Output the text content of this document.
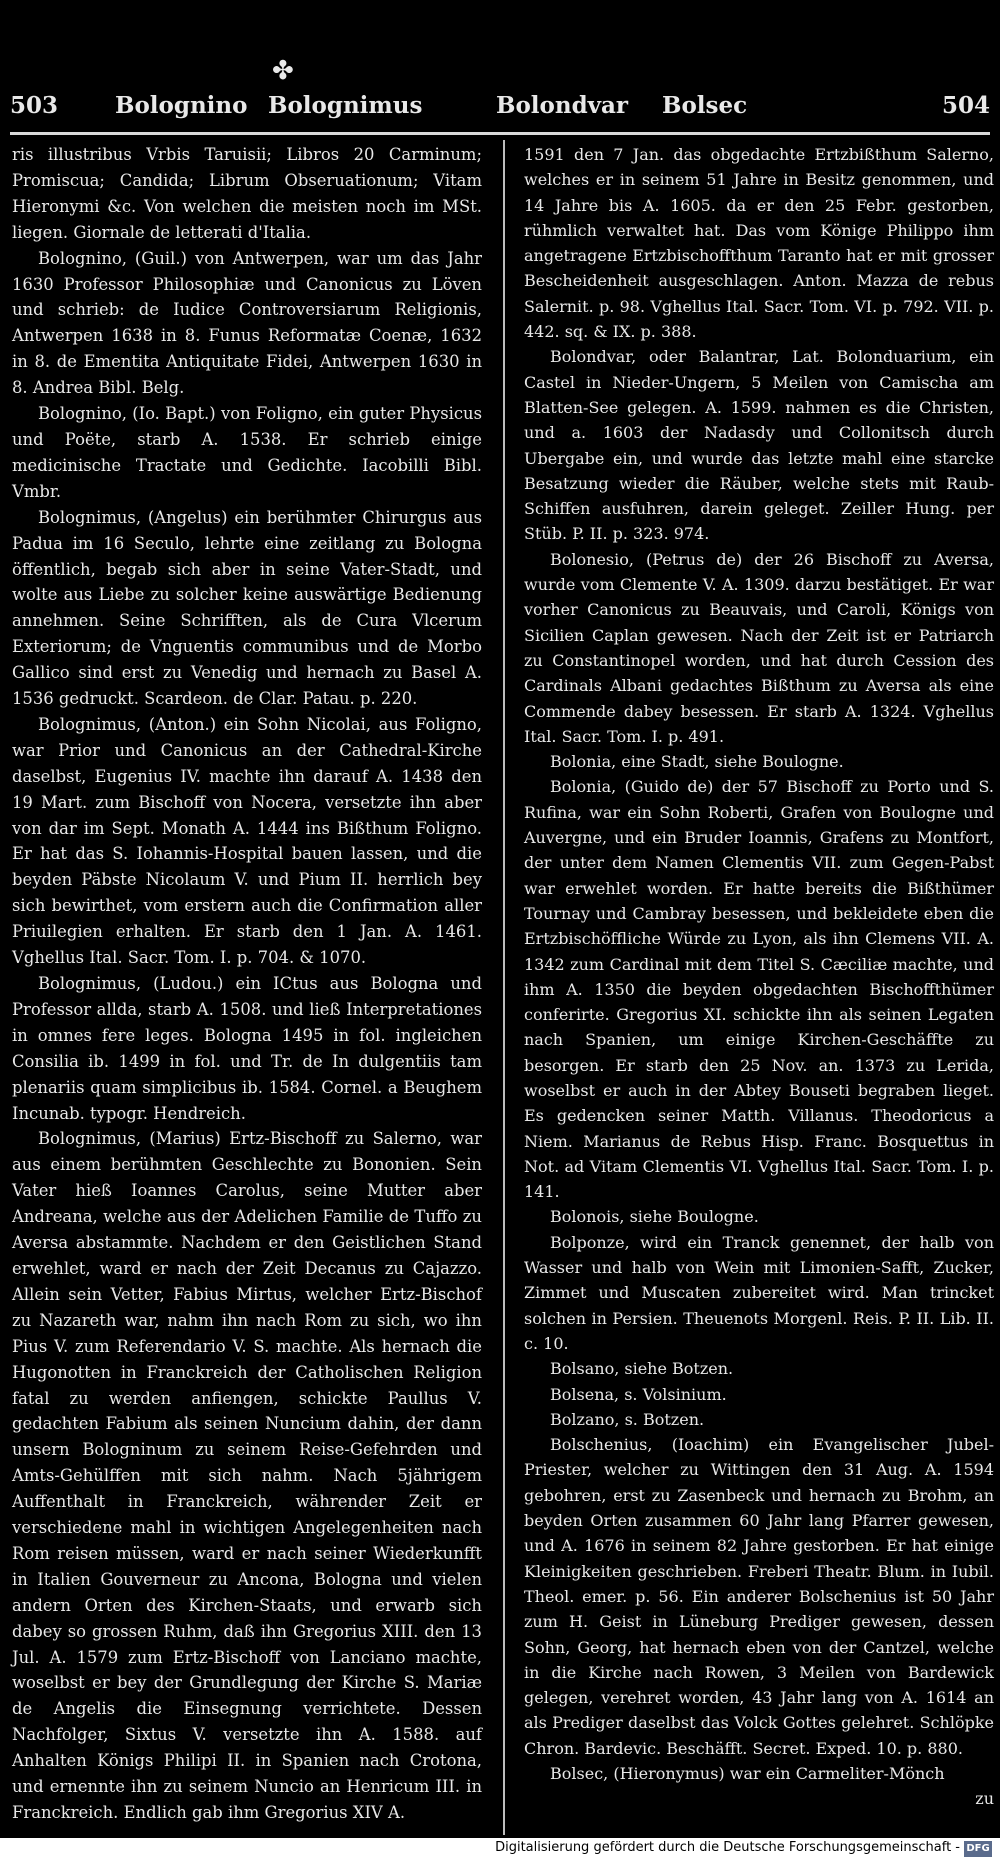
✤
503 Bolognino Bolognimus	Bolondvar Bolsec	504

ris illustribus Vrbis Taruisii; Libros 20 Carminum; Promiscua; Candida; Librum Obseruationum; Vitam Hieronymi &c. Von welchen die meisten noch im MSt. liegen. Giornale de letterati d'Italia.

Bolognino, (Guil.) von Antwerpen, war um das Jahr 1630 Professor Philosophiæ und Canonicus zu Löven und schrieb: de Iudice Controversiarum Religionis, Antwerpen 1638 in 8. Funus Reformatæ Coenæ, 1632 in 8. de Ementita Antiquitate Fidei, Antwerpen 1630 in 8. Andrea Bibl. Belg.

Bolognino, (Io. Bapt.) von Foligno, ein guter Physicus und Poëte, starb A. 1538. Er schrieb einige medicinische Tractate und Gedichte. Iacobilli Bibl. Vmbr.

Bolognimus, (Angelus) ein berühmter Chirurgus aus Padua im 16 Seculo, lehrte eine zeitlang zu Bologna öffentlich, begab sich aber in seine Vater-Stadt, und wolte aus Liebe zu solcher keine auswärtige Bedienung annehmen. Seine Schrifften, als de Cura Vlcerum Exteriorum; de Vnguentis communibus und de Morbo Gallico sind erst zu Venedig und hernach zu Basel A. 1536 gedruckt. Scardeon. de Clar. Patau. p. 220.

Bolognimus, (Anton.) ein Sohn Nicolai, aus Foligno, war Prior und Canonicus an der Cathedral-Kirche daselbst, Eugenius IV. machte ihn darauf A. 1438 den 19 Mart. zum Bischoff von Nocera, versetzte ihn aber von dar im Sept. Monath A. 1444 ins Bißthum Foligno. Er hat das S. Iohannis-Hospital bauen lassen, und die beyden Päbste Nicolaum V. und Pium II. herrlich bey sich bewirthet, vom erstern auch die Confirmation aller Priuilegien erhalten. Er starb den 1 Jan. A. 1461. Vghellus Ital. Sacr. Tom. I. p. 704. & 1070.

Bolognimus, (Ludou.) ein ICtus aus Bologna und Professor allda, starb A. 1508. und ließ Interpretationes in omnes fere leges. Bologna 1495 in fol. ingleichen Consilia ib. 1499 in fol. und Tr. de In dulgentiis tam plenariis quam simplicibus ib. 1584. Cornel. a Beughem Incunab. typogr. Hendreich.

Bolognimus, (Marius) Ertz-Bischoff zu Salerno, war aus einem berühmten Geschlechte zu Bononien. Sein Vater hieß Ioannes Carolus, seine Mutter aber Andreana, welche aus der Adelichen Familie de Tuffo zu Aversa abstammte. Nachdem er den Geistlichen Stand erwehlet, ward er nach der Zeit Decanus zu Cajazzo. Allein sein Vetter, Fabius Mirtus, welcher Ertz-Bischof zu Nazareth war, nahm ihn nach Rom zu sich, wo ihn Pius V. zum Referendario V. S. machte. Als hernach die Hugonotten in Franckreich der Catholischen Religion fatal zu werden anfiengen, schickte Paullus V. gedachten Fabium als seinen Nuncium dahin, der dann unsern Bologninum zu seinem Reise-Gefehrden und Amts-Gehülffen mit sich nahm. Nach 5jährigem Auffenthalt in Franckreich, währender Zeit er verschiedene mahl in wichtigen Angelegenheiten nach Rom reisen müssen, ward er nach seiner Wiederkunfft in Italien Gouverneur zu Ancona, Bologna und vielen andern Orten des Kirchen-Staats, und erwarb sich dabey so grossen Ruhm, daß ihn Gregorius XIII. den 13 Jul. A. 1579 zum Ertz-Bischoff von Lanciano machte, woselbst er bey der Grundlegung der Kirche S. Mariæ de Angelis die Einsegnung verrichtete. Dessen Nachfolger, Sixtus V. versetzte ihn A. 1588. auf Anhalten Königs Philipi II. in Spanien nach Crotona, und ernennte ihn zu seinem Nuncio an Henricum III. in Franckreich. Endlich gab ihm Gregorius XIV A.

1591 den 7 Jan. das obgedachte Ertzbißthum Salerno, welches er in seinem 51 Jahre in Besitz genommen, und 14 Jahre bis A. 1605. da er den 25 Febr. gestorben, rühmlich verwaltet hat. Das vom Könige Philippo ihm angetragene Ertzbischoffthum Taranto hat er mit grosser Bescheidenheit ausgeschlagen. Anton. Mazza de rebus Salernit. p. 98. Vghellus Ital. Sacr. Tom. VI. p. 792. VII. p. 442. sq. & IX. p. 388.

Bolondvar, oder Balantrar, Lat. Bolonduarium, ein Castel in Nieder-Ungern, 5 Meilen von Camischa am Blatten-See gelegen. A. 1599. nahmen es die Christen, und a. 1603 der Nadasdy und Collonitsch durch Ubergabe ein, und wurde das letzte mahl eine starcke Besatzung wieder die Räuber, welche stets mit Raub-Schiffen ausfuhren, darein geleget. Zeiller Hung. per Stüb. P. II. p. 323. 974.

Bolonesio, (Petrus de) der 26 Bischoff zu Aversa, wurde vom Clemente V. A. 1309. darzu bestätiget. Er war vorher Canonicus zu Beauvais, und Caroli, Königs von Sicilien Caplan gewesen. Nach der Zeit ist er Patriarch zu Constantinopel worden, und hat durch Cession des Cardinals Albani gedachtes Bißthum zu Aversa als eine Commende dabey besessen. Er starb A. 1324. Vghellus Ital. Sacr. Tom. I. p. 491.

Bolonia, eine Stadt, siehe Boulogne.

Bolonia, (Guido de) der 57 Bischoff zu Porto und S. Rufina, war ein Sohn Roberti, Grafen von Boulogne und Auvergne, und ein Bruder Ioannis, Grafens zu Montfort, der unter dem Namen Clementis VII. zum Gegen-Pabst war erwehlet worden. Er hatte bereits die Bißthümer Tournay und Cambray besessen, und bekleidete eben die Ertzbischöffliche Würde zu Lyon, als ihn Clemens VII. A. 1342 zum Cardinal mit dem Titel S. Cæciliæ machte, und ihm A. 1350 die beyden obgedachten Bischoffthümer conferirte. Gregorius XI. schickte ihn als seinen Legaten nach Spanien, um einige Kirchen-Geschäffte zu besorgen. Er starb den 25 Nov. an. 1373 zu Lerida, woselbst er auch in der Abtey Bouseti begraben lieget. Es gedencken seiner Matth. Villanus. Theodoricus a Niem. Marianus de Rebus Hisp. Franc. Bosquettus in Not. ad Vitam Clementis VI. Vghellus Ital. Sacr. Tom. I. p. 141.

Bolonois, siehe Boulogne.

Bolponze, wird ein Tranck genennet, der halb von Wasser und halb von Wein mit Limonien-Safft, Zucker, Zimmet und Muscaten zubereitet wird. Man trincket solchen in Persien. Theuenots Morgenl. Reis. P. II. Lib. II. c. 10.

Bolsano, siehe Botzen.

Bolsena, s. Volsinium.

Bolzano, s. Botzen.

Bolschenius, (Ioachim) ein Evangelischer Jubel-Priester, welcher zu Wittingen den 31 Aug. A. 1594 gebohren, erst zu Zasenbeck und hernach zu Brohm, an beyden Orten zusammen 60 Jahr lang Pfarrer gewesen, und A. 1676 in seinem 82 Jahre gestorben. Er hat einige Kleinigkeiten geschrieben. Freberi Theatr. Blum. in Iubil. Theol. emer. p. 56. Ein anderer Bolschenius ist 50 Jahr zum H. Geist in Lüneburg Prediger gewesen, dessen Sohn, Georg, hat hernach eben von der Cantzel, welche in die Kirche nach Rowen, 3 Meilen von Bardewick gelegen, verehret worden, 43 Jahr lang von A. 1614 an als Prediger daselbst das Volck Gottes gelehret. Schlöpke Chron. Bardevic. Beschäfft. Secret. Exped. 10. p. 880.

Bolsec, (Hieronymus) war ein Carmeliter-Mönch

zu
Digitalisierung gefördert durch die Deutsche Forschungsgemeinschaft - DFG
